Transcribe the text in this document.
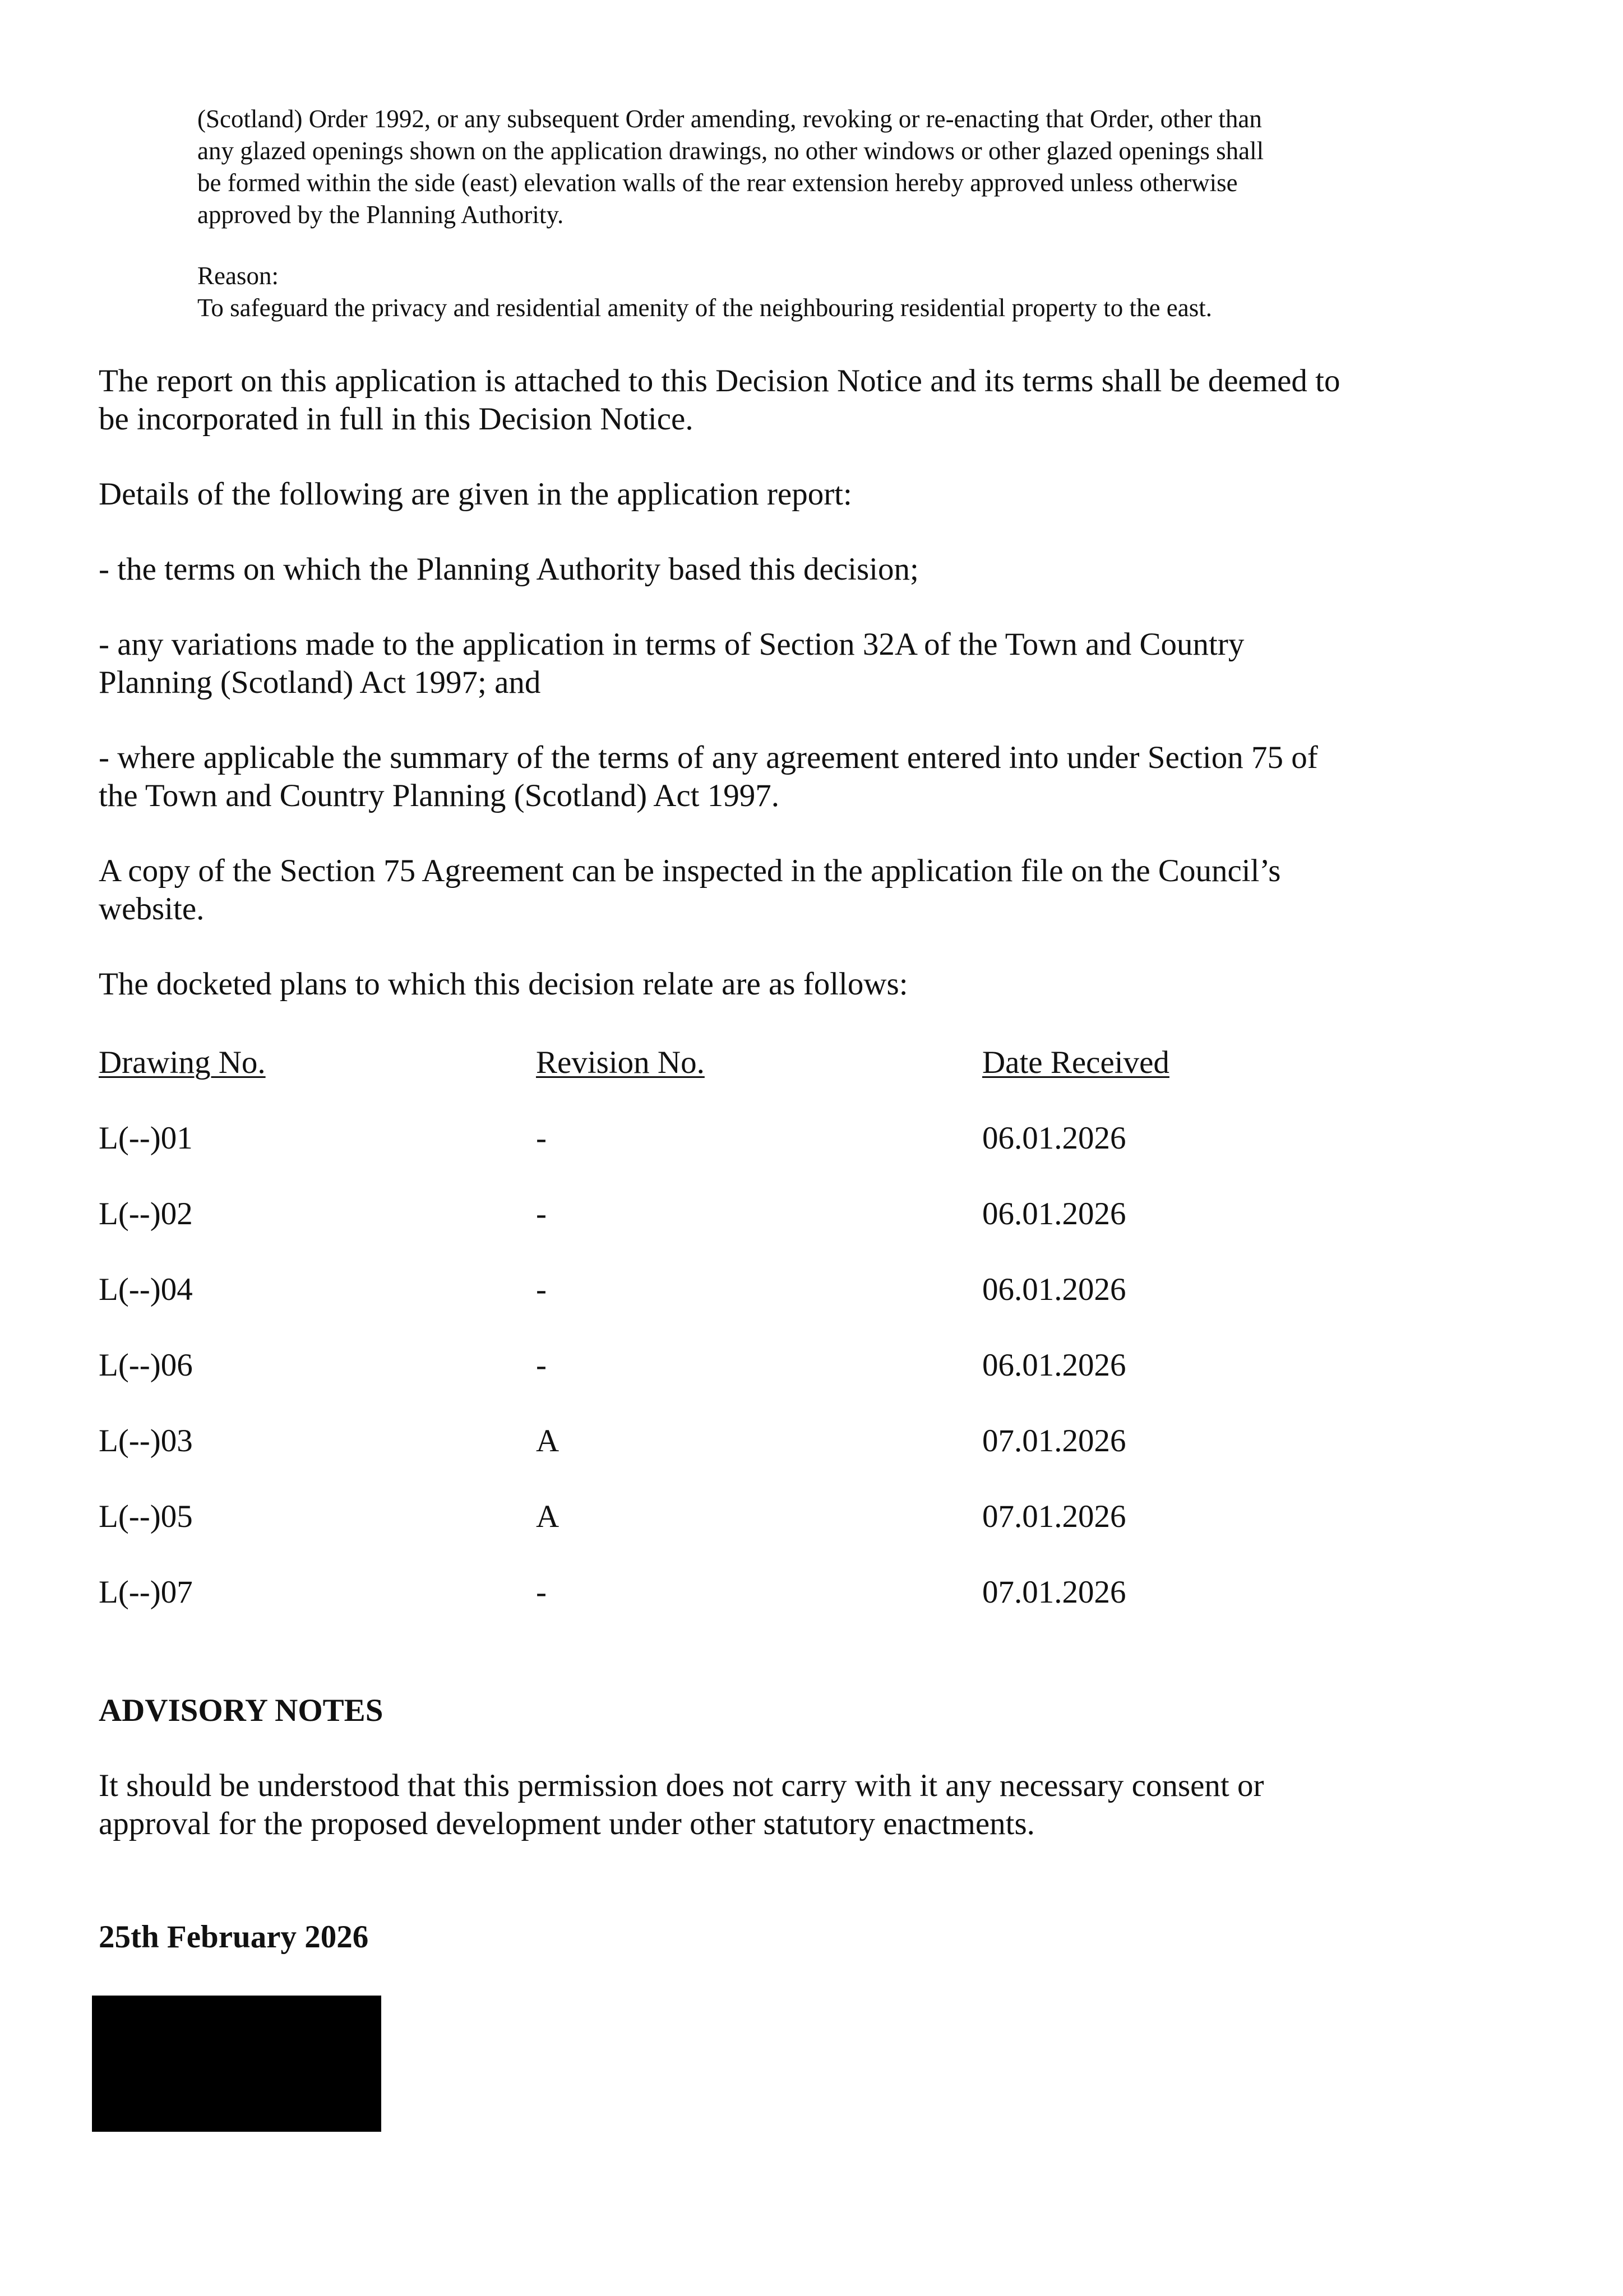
(Scotland) Order 1992, or any subsequent Order amending, revoking or re-enacting that Order, other than

any glazed openings shown on the application drawings, no other windows or other glazed openings shall

be formed within the side (east) elevation walls of the rear extension hereby approved unless otherwise

approved by the Planning Authority.

Reason:

To safeguard the privacy and residential amenity of the neighbouring residential property to the east.

The report on this application is attached to this Decision Notice and its terms shall be deemed to
be incorporated in full in this Decision Notice.

Details of the following are given in the application report:

- the terms on which the Planning Authority based this decision;

- any variations made to the application in terms of Section 32A of the Town and Country
Planning (Scotland) Act 1997; and

- where applicable the summary of the terms of any agreement entered into under Section 75 of
the Town and Country Planning (Scotland) Act 1997.

A copy of the Section 75 Agreement can be inspected in the application file on the Council’s
website.

The docketed plans to which this decision relate are as follows:

Drawing No.	Revision No.	Date Received
L(--)01	-	06.01.2026
L(--)02	-	06.01.2026
L(--)04	-	06.01.2026
L(--)06	-	06.01.2026
L(--)03	A	07.01.2026
L(--)05	A	07.01.2026
L(--)07	-	07.01.2026

ADVISORY NOTES

It should be understood that this permission does not carry with it any necessary consent or
approval for the proposed development under other statutory enactments.

25th February 2026
